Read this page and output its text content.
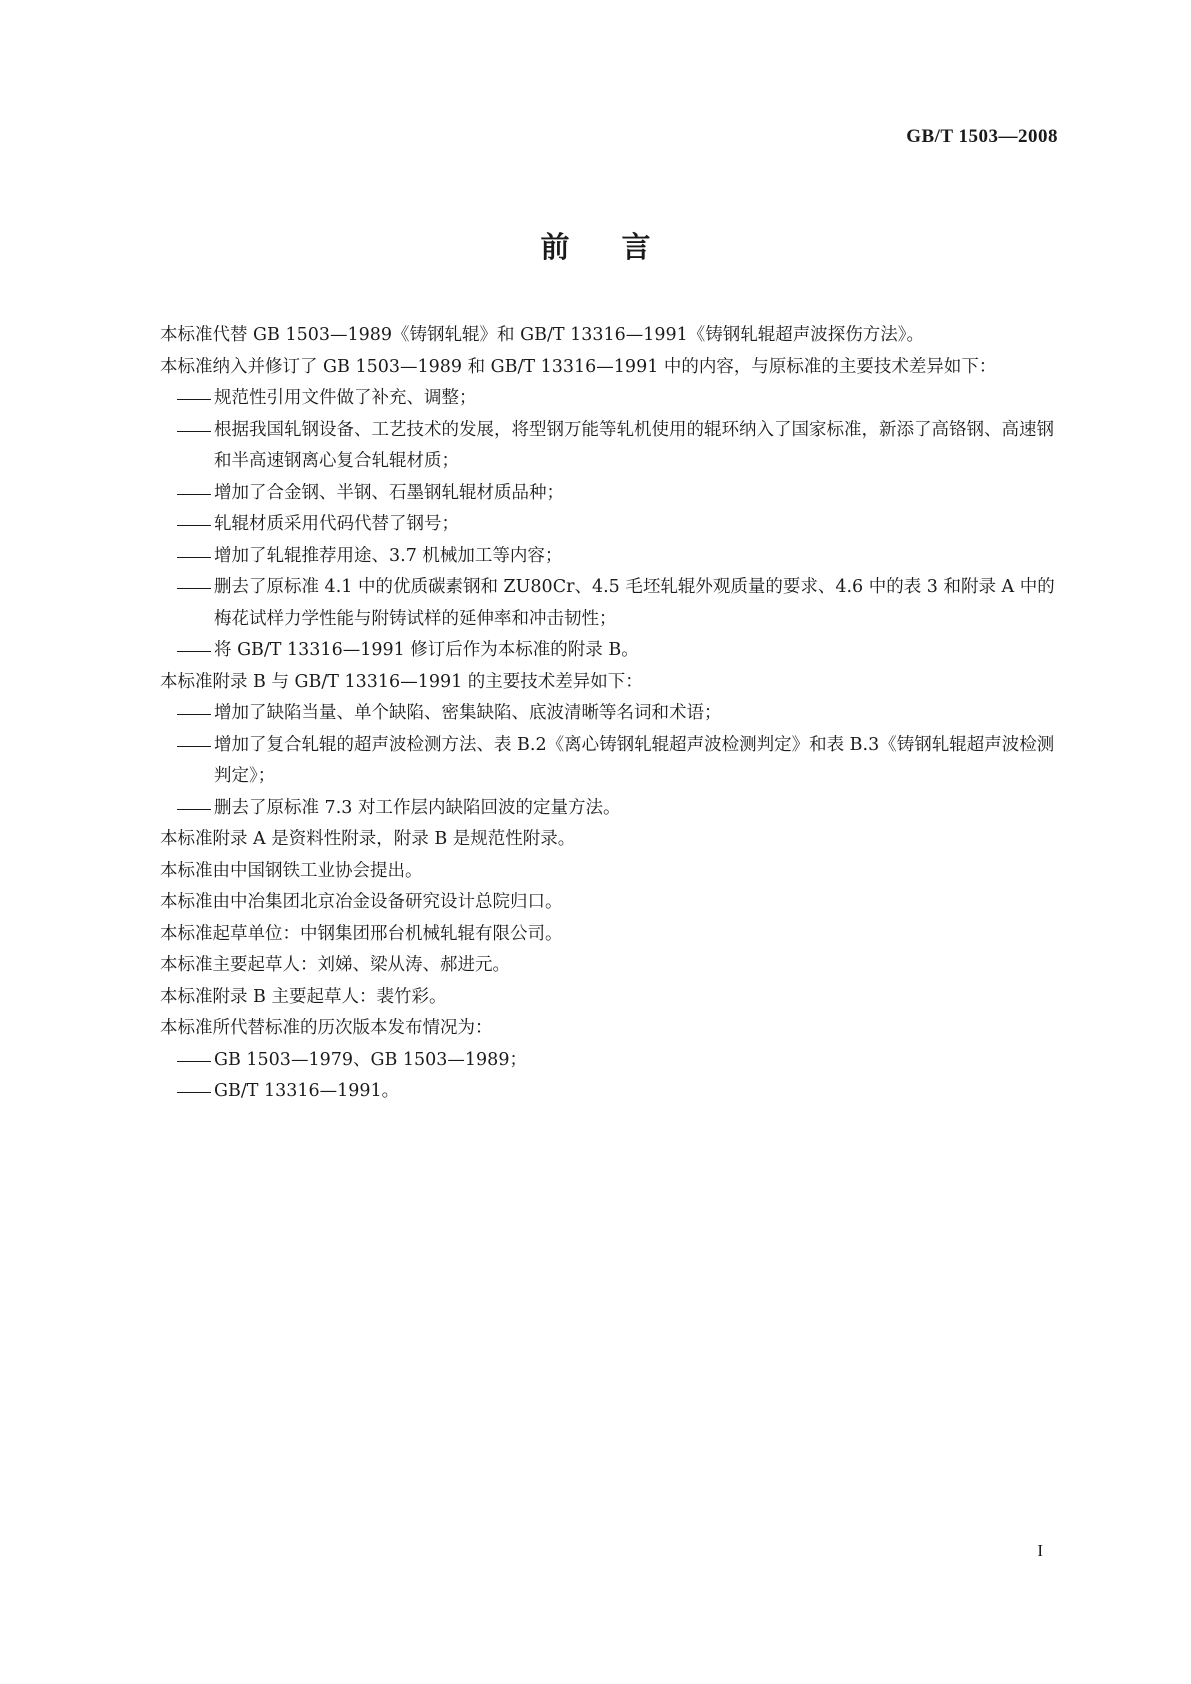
GB/T 1503—2008
前言

本标准代替 GB 1503—1989《铸钢轧辊》和 GB/T 13316—1991《铸钢轧辊超声波探伤方法》。

本标准纳入并修订了 GB 1503—1989 和 GB/T 13316—1991 中的内容，与原标准的主要技术差异如下：

规范性引用文件做了补充、调整；

根据我国轧钢设备、工艺技术的发展，将型钢万能等轧机使用的辊环纳入了国家标准，新添了高铬钢、高速钢和半高速钢离心复合轧辊材质；

增加了合金钢、半钢、石墨钢轧辊材质品种；

轧辊材质采用代码代替了钢号；

增加了轧辊推荐用途、3.7 机械加工等内容；

删去了原标准 4.1 中的优质碳素钢和 ZU80Cr、4.5 毛坯轧辊外观质量的要求、4.6 中的表 3 和附录 A 中的梅花试样力学性能与附铸试样的延伸率和冲击韧性；

将 GB/T 13316—1991 修订后作为本标准的附录 B。

本标准附录 B 与 GB/T 13316—1991 的主要技术差异如下：

增加了缺陷当量、单个缺陷、密集缺陷、底波清晰等名词和术语；

增加了复合轧辊的超声波检测方法、表 B.2《离心铸钢轧辊超声波检测判定》和表 B.3《铸钢轧辊超声波检测判定》；

删去了原标准 7.3 对工作层内缺陷回波的定量方法。

本标准附录 A 是资料性附录，附录 B 是规范性附录。

本标准由中国钢铁工业协会提出。

本标准由中冶集团北京冶金设备研究设计总院归口。

本标准起草单位：中钢集团邢台机械轧辊有限公司。

本标准主要起草人：刘娣、梁从涛、郝进元。

本标准附录 B 主要起草人：裴竹彩。

本标准所代替标准的历次版本发布情况为：

GB 1503—1979、GB 1503—1989；

GB/T 13316—1991。

I
